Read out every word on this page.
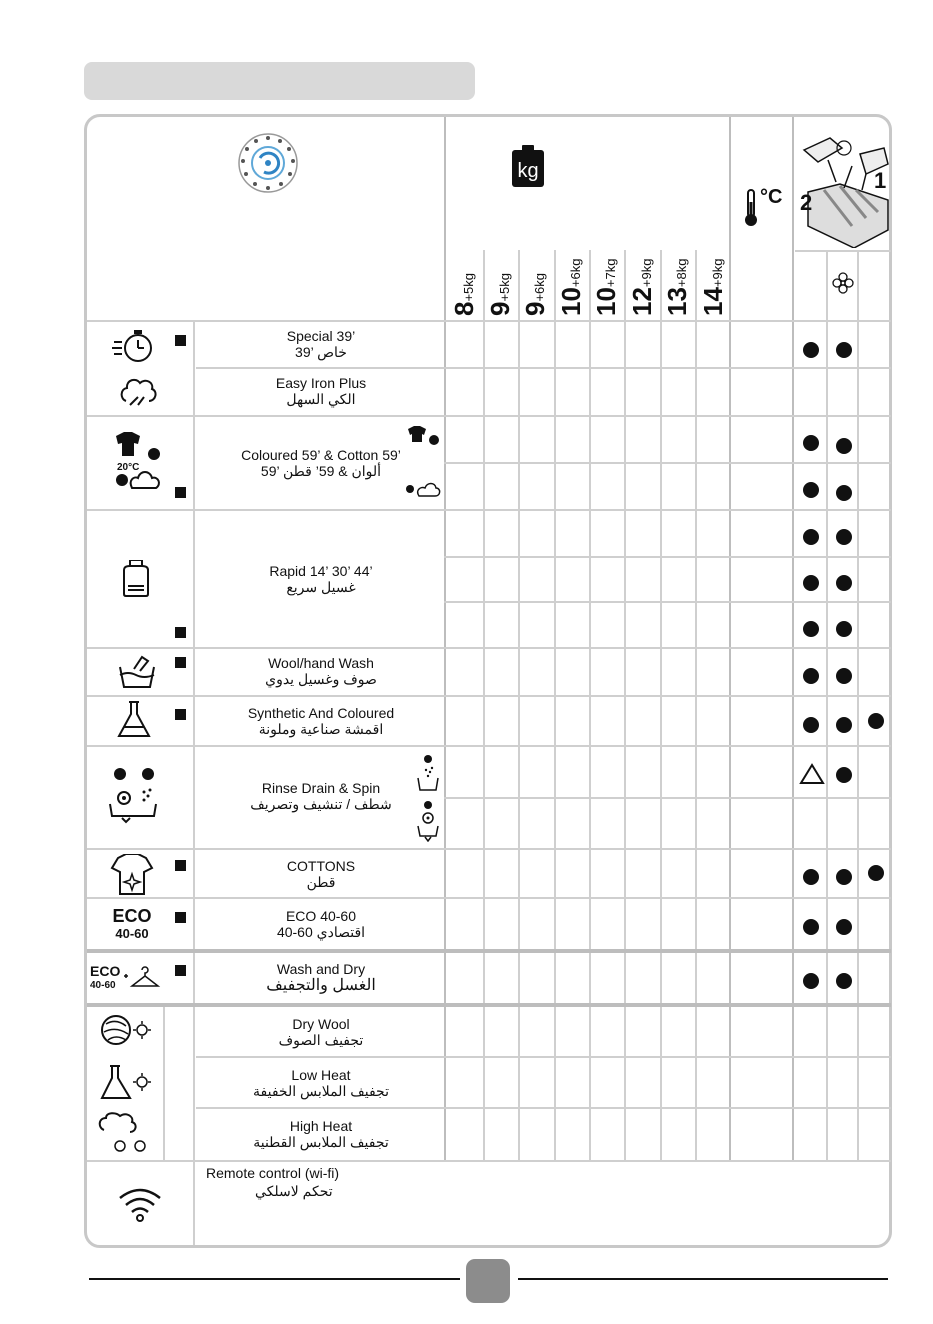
kg
°C
1
2
8+5kg
9+5kg
9+6kg 10+6kg
10+7kg
12+9kg
13+8kg
14+9kg
20°C
ECO
40-60
ECO
40-60
Special 39’
39’ خاص
Easy Iron Plus
الكي السهل
Coloured 59’ & Cotton 59’
59’ ألوان & 59’ قطن
Rapid 14’ 30’ 44’
غسيل سريع
Wool/hand Wash
صوف وغسيل يدوي
Synthetic And Coloured
اقمشة صناعية وملونة
Rinse Drain & Spin
شطف / تنشيف وتصريف
COTTONS
قطن
ECO 40-60
40-60 اقتصادي
Wash and Dry
الغسل والتجفيف
Dry Wool
تجفيف الصوف
Low Heat
تجفيف الملابس الخفيفة
High Heat
تجفيف الملابس القطنية
Remote control (wi-fi)
تحكم لاسلكي
